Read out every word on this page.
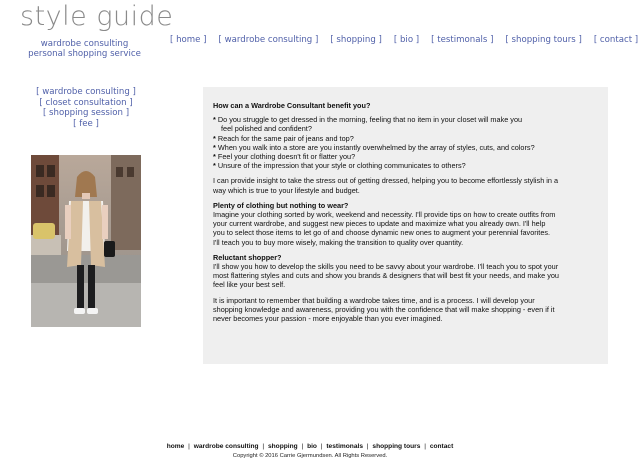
style guide
wardrobe consulting
personal shopping service
[ home ] [ wardrobe consulting ] [ shopping ] [ bio ] [ testimonals ] [ shopping tours ] [ contact ]
[ wardrobe consulting ]
[ closet consultation ]
[ shopping session ]
[ fee ]

How can a Wardrobe Consultant benefit you?

* Do you struggle to get dressed in the morning, feeling that no item in your closet will make you
feel polished and confident?
* Reach for the same pair of jeans and top?
* When you walk into a store are you instantly overwhelmed by the array of styles, cuts, and colors?
* Feel your clothing doesn't fit or flatter you?
* Unsure of the impression that your style or clothing communicates to others?

I can provide insight to take the stress out of getting dressed, helping you to become effortlessly stylish in a

way which is true to your lifestyle and budget.

Plenty of clothing but nothing to wear?

Imagine your clothing sorted by work, weekend and necessity. I'll provide tips on how to create outfits from

your current wardrobe, and suggest new pieces to update and maximize what you already own. I'll help

you to select those items to let go of and choose dynamic new ones to augment your perennial favorites.

I'll teach you to buy more wisely, making the transition to quality over quantity.

Reluctant shopper?

I'll show you how to develop the skills you need to be savvy about your wardrobe. I'll teach you to spot your

most flattering styles and cuts and show you brands & designers that will best fit your needs, and make you

feel like your best self.

It is important to remember that building a wardrobe takes time, and is a process. I will develop your

shopping knowledge and awareness, providing you with the confidence that will make shopping - even if it

never becomes your passion - more enjoyable than you ever imagined.

home | wardrobe consulting | shopping | bio | testimonals | shopping tours | contact
Copyright © 2016 Carrie Gjermundsen. All Rights Reserved.
